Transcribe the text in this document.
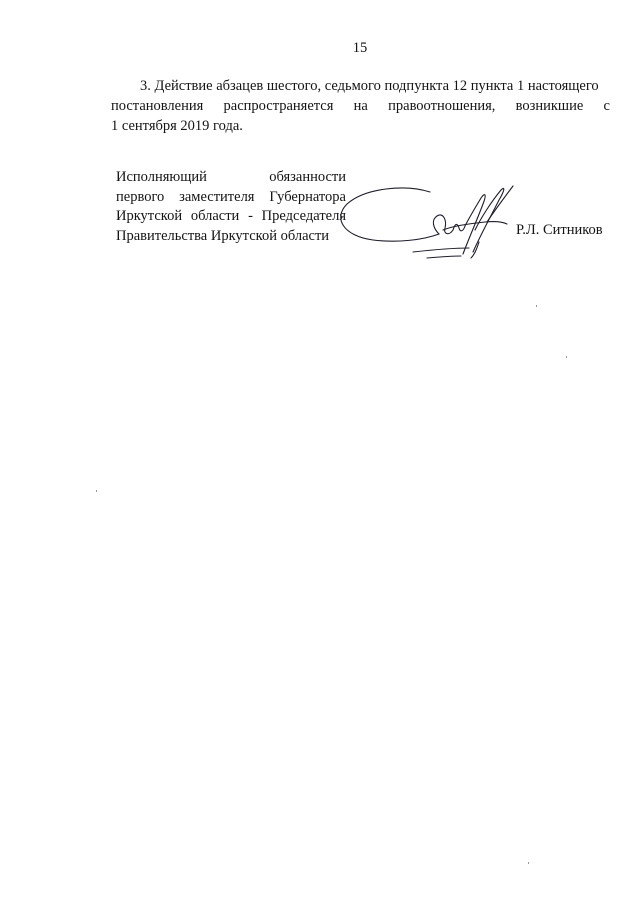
15
3. Действие абзацев шестого, седьмого подпункта 12 пункта 1 настоящего
постановления распространяется на правоотношения, возникшие с
1 сентября 2019 года.
Исполняющий обязанности
первого заместителя Губернатора
Иркутской области - Председателя
Правительства Иркутской области	Р.Л. Ситников
